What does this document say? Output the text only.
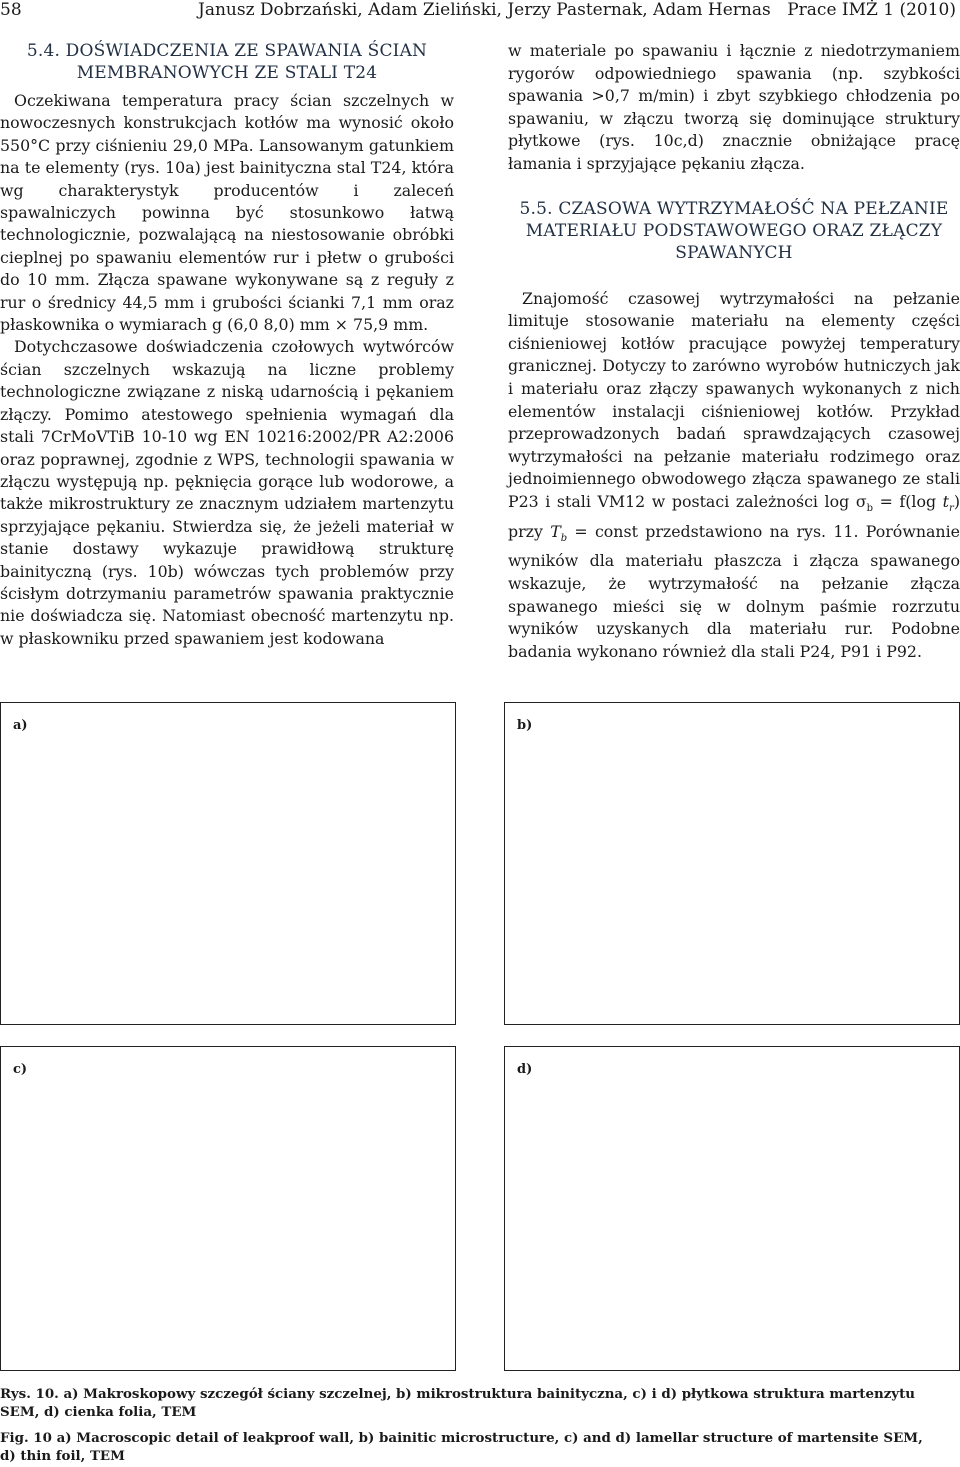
58	Janusz Dobrzański, Adam Zieliński, Jerzy Pasternak, Adam Hernas Prace IMŻ 1 (2010)
5.4. DOŚWIADCZENIA ZE SPAWANIA ŚCIAN
MEMBRANOWYCH ZE STALI T24

Oczekiwana temperatura pracy ścian szczelnych w nowoczesnych konstrukcjach kotłów ma wynosić około 550°C przy ciśnieniu 29,0 MPa. Lansowanym gatunkiem na te elementy (rys. 10a) jest bainityczna stal T24, która wg charakterystyk producentów i zaleceń spawalniczych powinna być stosunkowo łatwą technologicznie, pozwalającą na niestosowanie obróbki cieplnej po spawaniu elementów rur i płetw o grubości do 10 mm. Złącza spawane wykonywane są z reguły z rur o średnicy 44,5 mm i grubości ścianki 7,1 mm oraz płaskownika o wymiarach g (6,0 8,0) mm × 75,9 mm.

Dotychczasowe doświadczenia czołowych wytwórców ścian szczelnych wskazują na liczne problemy technologiczne związane z niską udarnością i pękaniem złączy. Pomimo atestowego spełnienia wymagań dla stali 7CrMoVTiB 10-10 wg EN 10216:2002/PR A2:2006 oraz poprawnej, zgodnie z WPS, technologii spawania w złączu występują np. pęknięcia gorące lub wodorowe, a także mikrostruktury ze znacznym udziałem martenzytu sprzyjające pękaniu. Stwierdza się, że jeżeli materiał w stanie dostawy wykazuje prawidłową strukturę bainityczną (rys. 10b) wówczas tych problemów przy ścisłym dotrzymaniu parametrów spawania praktycznie nie doświadcza się. Natomiast obecność martenzytu np. w płaskowniku przed spawaniem jest kodowana

w materiale po spawaniu i łącznie z niedotrzymaniem rygorów odpowiedniego spawania (np. szybkości spawania >0,7 m/min) i zbyt szybkiego chłodzenia po spawaniu, w złączu tworzą się dominujące struktury płytkowe (rys. 10c,d) znacznie obniżające pracę łamania i sprzyjające pękaniu złącza.

5.5. CZASOWA WYTRZYMAŁOŚĆ NA PEŁZANIE
MATERIAŁU PODSTAWOWEGO ORAZ ZŁĄCZY
SPAWANYCH

Znajomość czasowej wytrzymałości na pełzanie limituje stosowanie materiału na elementy części ciśnieniowej kotłów pracujące powyżej temperatury granicznej. Dotyczy to zarówno wyrobów hutniczych jak i materiału oraz złączy spawanych wykonanych z nich elementów instalacji ciśnieniowej kotłów. Przykład przeprowadzonych badań sprawdzających czasowej wytrzymałości na pełzanie materiału rodzimego oraz jednoimiennego obwodowego złącza spawanego ze stali P23 i stali VM12 w postaci zależności $\log \sigma_b = f(\log$ $t_r$) przy $T_b$ = const przedstawiono na rys. 11. Porównanie wyników dla materiału płaszcza i złącza spawanego wskazuje, że wytrzymałość na pełzanie złącza spawanego mieści się w dolnym paśmie rozrzutu wyników uzyskanych dla materiału rur. Podobne badania wykonano również dla stali P24, P91 i P92.

a)	b)
c)	d)
Rys. 10. a) Makroskopowy szczegół ściany szczelnej, b) mikrostruktura bainityczna, c) i d) płytkowa struktura martenzytu
SEM, d) cienka folia, TEM
Fig. 10 a) Macroscopic detail of leakproof wall, b) bainitic microstructure, c) and d) lamellar structure of martensite SEM,
d) thin foil, TEM
